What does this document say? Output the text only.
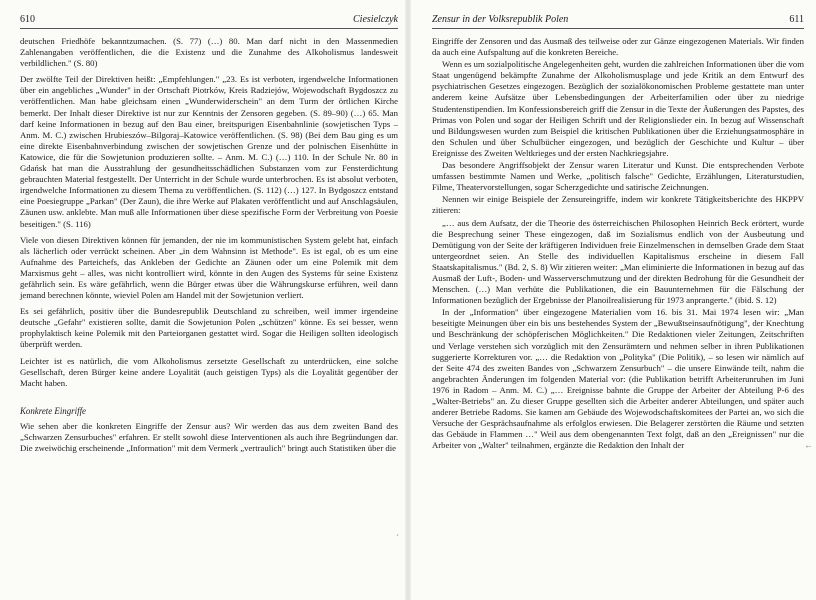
610	Ciesielczyk

deutschen Friedhöfe bekanntzumachen. (S. 77) (…) 80. Man darf nicht in den Massenmedien Zahlenangaben veröffentlichen, die die Existenz und die Zunahme des Alkoholismus landesweit verbildlichen." (S. 80)

Der zwölfte Teil der Direktiven heißt: „Empfehlungen." „23. Es ist verboten, irgendwelche Informationen über ein angebliches „Wunder" in der Ortschaft Piotrków, Kreis Radziejów, Wojewodschaft Bygdoszcz zu veröffentlichen. Man habe gleichsam einen „Wunderwiderschein" an dem Turm der örtlichen Kirche bemerkt. Der Inhalt dieser Direktive ist nur zur Kenntnis der Zensoren gegeben. (S. 89–90) (…) 65. Man darf keine Informationen in bezug auf den Bau einer, breitspurigen Eisenbahnlinie (sowjetischen Typs – Anm. M. C.) zwischen Hrubieszów–Bilgoraj–Katowice veröffentlichen. (S. 98) (Bei dem Bau ging es um eine direkte Eisenbahnverbindung zwischen der sowjetischen Grenze und der polnischen Eisenhütte in Katowice, die für die Sowjetunion produzieren sollte. – Anm. M. C.) (…) 110. In der Schule Nr. 80 in Gdańsk hat man die Ausstrahlung der gesundheitsschädlichen Substanzen vom zur Fensterdichtung gebrauchten Material festgestellt. Der Unterricht in der Schule wurde unterbrochen. Es ist absolut verboten, irgendwelche Informationen zu diesem Thema zu veröffentlichen. (S. 112) (…) 127. In Bydgoszcz entstand eine Poesiegruppe „Parkan" (Der Zaun), die ihre Werke auf Plakaten veröffentlicht und auf Anschlagsäulen, Zäunen usw. anklebte. Man muß alle Informationen über diese spezifische Form der Verbreitung von Poesie beseitigen." (S. 116)

Viele von diesen Direktiven können für jemanden, der nie im kommunistischen System gelebt hat, einfach als lächerlich oder verrückt scheinen. Aber „in dem Wahnsinn ist Methode". Es ist egal, ob es um eine Aufnahme des Parteichefs, das Ankleben der Gedichte an Zäunen oder um eine Polemik mit dem Marxismus geht – alles, was nicht kontrolliert wird, könnte in den Augen des Systems für seine Existenz gefährlich sein. Es wäre gefährlich, wenn die Bürger etwas über die Währungskurse erführen, weil dann jemand berechnen könnte, wieviel Polen am Handel mit der Sowjetunion verliert.

Es sei gefährlich, positiv über die Bundesrepublik Deutschland zu schreiben, weil immer irgendeine deutsche „Gefahr" existieren sollte, damit die Sowjetunion Polen „schützen" könne. Es sei besser, wenn prophylaktisch keine Polemik mit den Parteiorganen gestattet wird. Sogar die Heiligen sollten ideologisch überprüft werden.

Leichter ist es natürlich, die vom Alkoholismus zersetzte Gesellschaft zu unterdrücken, eine solche Gesellschaft, deren Bürger keine andere Loyalität (auch geistigen Typs) als die Loyalität gegenüber der Macht haben.

Konkrete Eingriffe

Wie sehen aber die konkreten Eingriffe der Zensur aus? Wir werden das aus dem zweiten Band des „Schwarzen Zensurbuches" erfahren. Er stellt sowohl diese Interventionen als auch ihre Begründungen dar. Die zweiwöchig erscheinende „Information" mit dem Vermerk „vertraulich" bringt auch Statistiken über die

´
Zensur in der Volksrepublik Polen	611

Eingriffe der Zensoren und das Ausmaß des teilweise oder zur Gänze eingezogenen Materials. Wir finden da auch eine Aufspaltung auf die konkreten Bereiche.

Wenn es um sozialpolitische Angelegenheiten geht, wurden die zahlreichen Informationen über die vom Staat ungenügend bekämpfte Zunahme der Alkoholismusplage und jede Kritik an dem Entwurf des psychiatrischen Gesetzes eingezogen. Bezüglich der sozialökonomischen Probleme gestattete man unter anderem keine Aufsätze über Lebensbedingungen der Arbeiterfamilien oder über zu niedrige Studentenstipendien. Im Konfessionsbereich griff die Zensur in die Texte der Äußerungen des Papstes, des Primas von Polen und sogar der Heiligen Schrift und der Religionslieder ein. In bezug auf Wissenschaft und Bildungswesen wurden zum Beispiel die kritischen Publikationen über die Erziehungsatmosphäre in den Schulen und über Schulbücher eingezogen, und bezüglich der Geschichte und Kultur – über Ereignisse des Zweiten Weltkrieges und der ersten Nachkriegsjahre.

Das besondere Angriffsobjekt der Zensur waren Literatur und Kunst. Die entsprechenden Verbote umfassen bestimmte Namen und Werke, „politisch falsche" Gedichte, Erzählungen, Literaturstudien, Filme, Theatervorstellungen, sogar Scherzgedichte und satirische Zeichnungen.

Nennen wir einige Beispiele der Zensureingriffe, indem wir konkrete Tätigkeitsberichte des HKPPV zitieren:

„… aus dem Aufsatz, der die Theorie des österreichischen Philosophen Heinrich Beck erörtert, wurde die Besprechung seiner These eingezogen, daß im Sozialismus endlich von der Ausbeutung und Demütigung von der Seite der kräftigeren Individuen freie Einzelmenschen in demselben Grade dem Staat untergeordnet seien. An Stelle des individuellen Kapitalismus erscheine in diesem Fall Staatskapitalismus." (Bd. 2, S. 8) Wir zitieren weiter: „Man eliminierte die Informationen in bezug auf das Ausmaß der Luft-, Boden- und Wasserverschmutzung und der direkten Bedrohung für die Gesundheit der Menschen. (…) Man verhüte die Publikationen, die ein Bauunternehmen für die Fälschung der Informationen bezüglich der Ergebnisse der Planoilrealisierung für 1973 anprangerte." (ibid. S. 12)

In der „Information" über eingezogene Materialien vom 16. bis 31. Mai 1974 lesen wir: „Man beseitigte Meinungen über ein bis uns bestehendes System der „Bewußtseinsaufnötigung", der Knechtung und Beschränkung der schöpferischen Möglichkeiten." Die Redaktionen vieler Zeitungen, Zeitschriften und Verlage verstehen sich vorzüglich mit den Zensurämtern und nehmen selber in ihren Publikationen suggerierte Korrekturen vor. „… die Redaktion von „Polityka" (Die Politik), – so lesen wir nämlich auf der Seite 474 des zweiten Bandes von „Schwarzem Zensurbuch" – die unsere Einwände teilt, nahm die angebrachten Änderungen im folgenden Material vor: (die Publikation betrifft Arbeiterunruhen im Juni 1976 in Radom – Anm. M. C.) „… Ereignisse bahnte die Gruppe der Arbeiter der Abteilung P-6 des „Walter-Betriebs" an. Zu dieser Gruppe gesellten sich die Arbeiter anderer Abteilungen, und später auch anderer Betriebe Radoms. Sie kamen am Gebäude des Wojewodschaftskomitees der Partei an, wo sich die Versuche der Gesprächsaufnahme als erfolglos erwiesen. Die Belagerer zerstörten die Räume und setzten das Gebäude in Flammen …" Weil aus dem obengenannten Text folgt, daß an den „Ereignissen" nur die Arbeiter von „Walter" teilnahmen, ergänzte die Redaktion den Inhalt der	←
